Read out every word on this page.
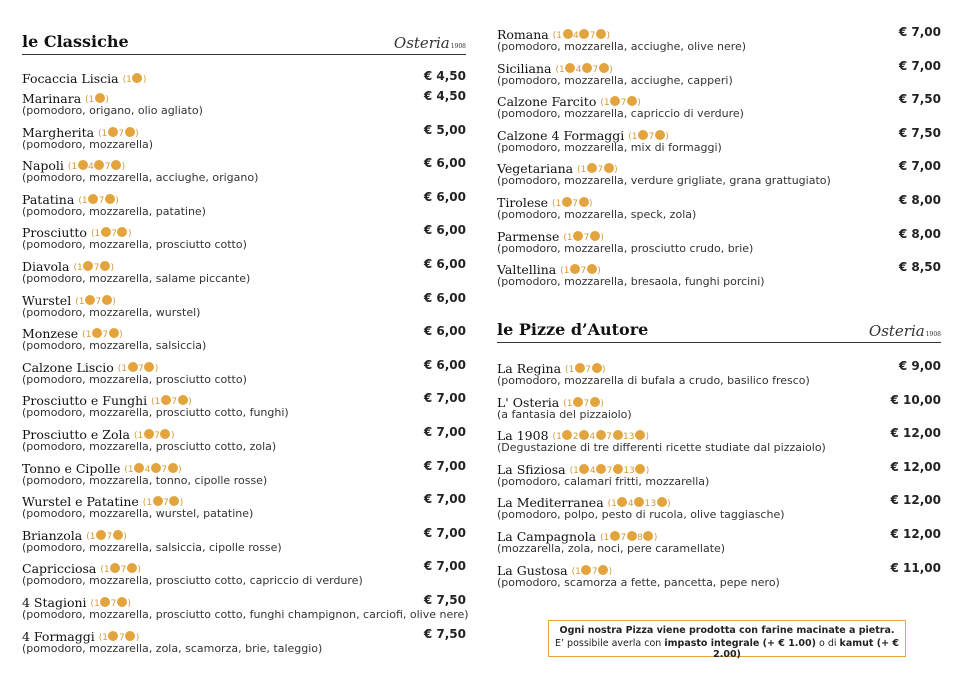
le Classiche	Osteria1908
Focaccia Liscia (1 )	€ 4,50
Marinara (1 )	€ 4,50
(pomodoro, origano, olio agliato)
Margherita (1 7 )	€ 5,00
(pomodoro, mozzarella)
Napoli (1 4 7 )	€ 6,00
(pomodoro, mozzarella, acciughe, origano)
Patatina (1 7 )	€ 6,00
(pomodoro, mozzarella, patatine)
Prosciutto (1 7 )	€ 6,00
(pomodoro, mozzarella, prosciutto cotto)
Diavola (1 7 )	€ 6,00
(pomodoro, mozzarella, salame piccante)
Wurstel (1 7 )	€ 6,00
(pomodoro, mozzarella, wurstel)
Monzese (1 7 )	€ 6,00
(pomodoro, mozzarella, salsiccia)
Calzone Liscio (1 7 )	€ 6,00
(pomodoro, mozzarella, prosciutto cotto)
Prosciutto e Funghi (1 7 )	€ 7,00
(pomodoro, mozzarella, prosciutto cotto, funghi)
Prosciutto e Zola (1 7 )	€ 7,00
(pomodoro, mozzarella, prosciutto cotto, zola)
Tonno e Cipolle (1 4 7 )	€ 7,00
(pomodoro, mozzarella, tonno, cipolle rosse)
Wurstel e Patatine (1 7 )	€ 7,00
(pomodoro, mozzarella, wurstel, patatine)
Brianzola (1 7 )	€ 7,00
(pomodoro, mozzarella, salsiccia, cipolle rosse)
Capricciosa (1 7 )	€ 7,00
(pomodoro, mozzarella, prosciutto cotto, capriccio di verdure)
4 Stagioni (1 7 )	€ 7,50
(pomodoro, mozzarella, prosciutto cotto, funghi champignon, carciofi, olive nere)
4 Formaggi (1 7 )	€ 7,50
(pomodoro, mozzarella, zola, scamorza, brie, taleggio)
Romana (1 4 7 )	€ 7,00
(pomodoro, mozzarella, acciughe, olive nere)
Siciliana (1 4 7 )	€ 7,00
(pomodoro, mozzarella, acciughe, capperi)
Calzone Farcito (1 7 )	€ 7,50
(pomodoro, mozzarella, capriccio di verdure)
Calzone 4 Formaggi (1 7 )	€ 7,50
(pomodoro, mozzarella, mix di formaggi)
Vegetariana (1 7 )	€ 7,00
(pomodoro, mozzarella, verdure grigliate, grana grattugiato)
Tirolese (1 7 )	€ 8,00
(pomodoro, mozzarella, speck, zola)
Parmense (1 7 )	€ 8,00
(pomodoro, mozzarella, prosciutto crudo, brie)
Valtellina (1 7 )	€ 8,50
(pomodoro, mozzarella, bresaola, funghi porcini)
le Pizze d’Autore	Osteria1908
La Regina (1 7 )	€ 9,00
(pomodoro, mozzarella di bufala a crudo, basilico fresco)
L' Osteria (1 7 )	€ 10,00
(a fantasia del pizzaiolo)
La 1908 (1 2 4 7 13 )	€ 12,00
(Degustazione di tre differenti ricette studiate dal pizzaiolo)
La Sfiziosa (1 4 7 13 )	€ 12,00
(pomodoro, calamari fritti, mozzarella)
La Mediterranea (1 4 13 )	€ 12,00
(pomodoro, polpo, pesto di rucola, olive taggiasche)
La Campagnola (1 7 8 )	€ 12,00
(mozzarella, zola, noci, pere caramellate)
La Gustosa (1 7 )	€ 11,00
(pomodoro, scamorza a fette, pancetta, pepe nero)
Ogni nostra Pizza viene prodotta con farine macinate a pietra.
E’ possibile averla con impasto integrale (+ € 1.00) o di kamut (+ € 2.00)
